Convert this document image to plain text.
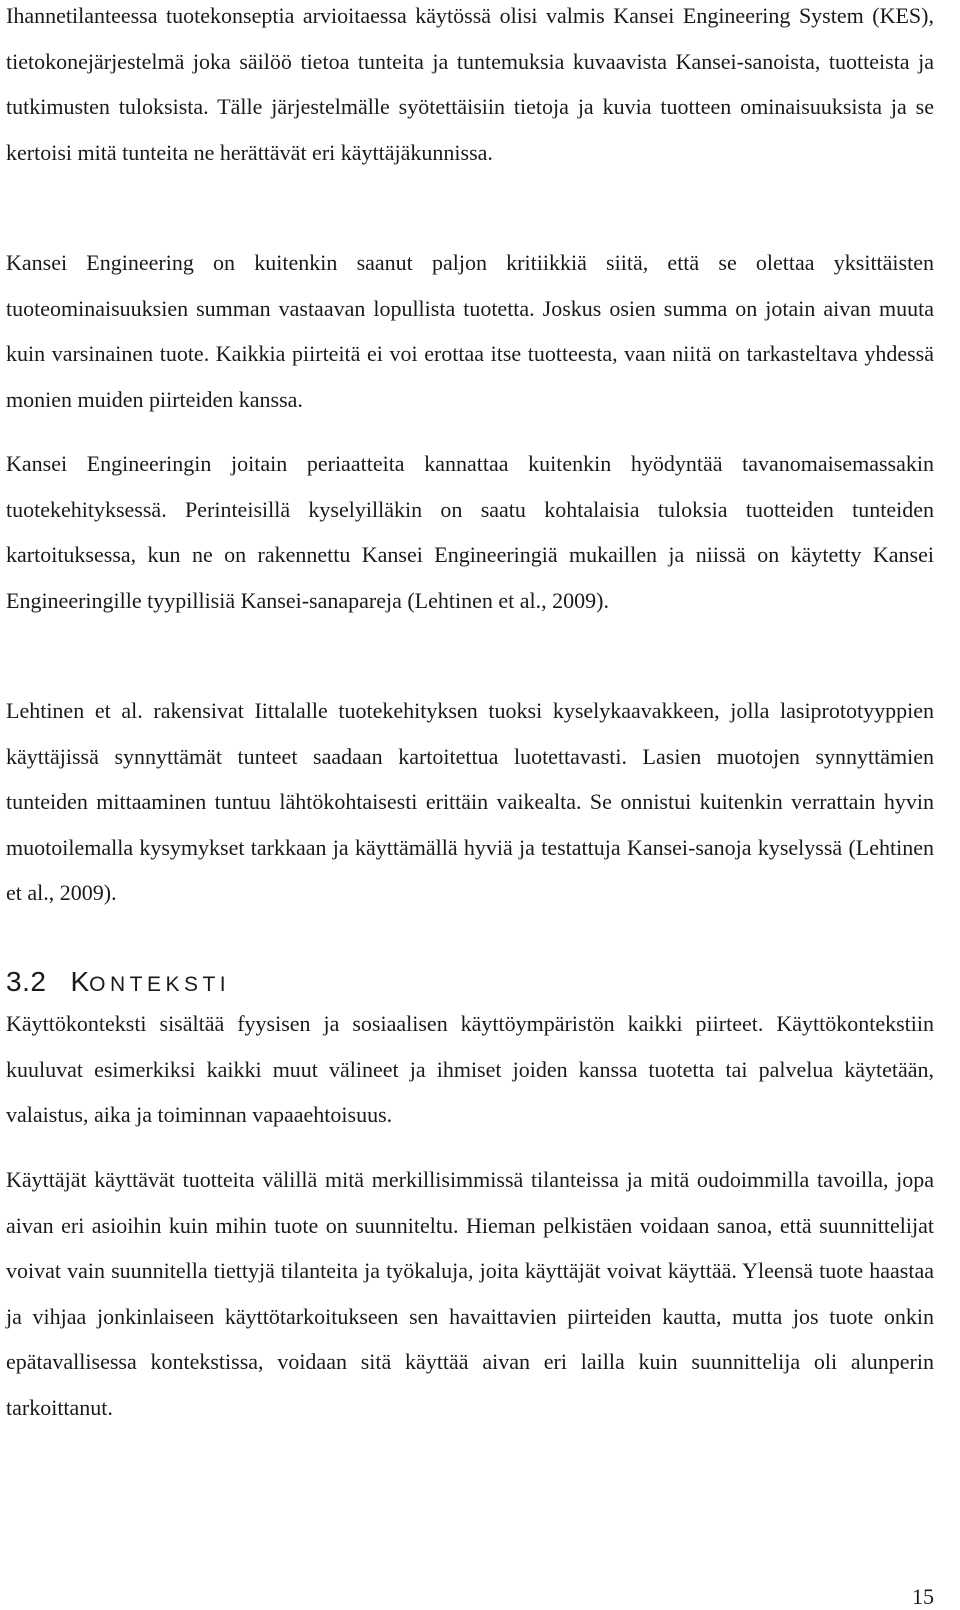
Ihannetilanteessa tuotekonseptia arvioitaessa käytössä olisi valmis Kansei Engineering System (KES), tietokonejärjestelmä joka säilöö tietoa tunteita ja tuntemuksia kuvaavista Kansei-sanoista, tuotteista ja tutkimusten tuloksista. Tälle järjestelmälle syötettäisiin tietoja ja kuvia tuotteen ominaisuuksista ja se kertoisi mitä tunteita ne herättävät eri käyttäjäkunnissa.

Kansei Engineering on kuitenkin saanut paljon kritiikkiä siitä, että se olettaa yksittäisten tuoteominaisuuksien summan vastaavan lopullista tuotetta. Joskus osien summa on jotain aivan muuta kuin varsinainen tuote. Kaikkia piirteitä ei voi erottaa itse tuotteesta, vaan niitä on tarkasteltava yhdessä monien muiden piirteiden kanssa.

Kansei Engineeringin joitain periaatteita kannattaa kuitenkin hyödyntää tavanomaisemassakin tuotekehityksessä. Perinteisillä kyselyilläkin on saatu kohtalaisia tuloksia tuotteiden tunteiden kartoituksessa, kun ne on rakennettu Kansei Engineeringiä mukaillen ja niissä on käytetty Kansei Engineeringille tyypillisiä Kansei-sanapareja (Lehtinen et al., 2009).

Lehtinen et al. rakensivat Iittalalle tuotekehityksen tuoksi kyselykaavakkeen, jolla lasiprototyyppien käyttäjissä synnyttämät tunteet saadaan kartoitettua luotettavasti. Lasien muotojen synnyttämien tunteiden mittaaminen tuntuu lähtökohtaisesti erittäin vaikealta. Se onnistui kuitenkin verrattain hyvin muotoilemalla kysymykset tarkkaan ja käyttämällä hyviä ja testattuja Kansei-sanoja kyselyssä (Lehtinen et al., 2009).

3.2 KONTEKSTI

Käyttökonteksti sisältää fyysisen ja sosiaalisen käyttöympäristön kaikki piirteet. Käyttökontekstiin kuuluvat esimerkiksi kaikki muut välineet ja ihmiset joiden kanssa tuotetta tai palvelua käytetään, valaistus, aika ja toiminnan vapaaehtoisuus.

Käyttäjät käyttävät tuotteita välillä mitä merkillisimmissä tilanteissa ja mitä oudoimmilla tavoilla, jopa aivan eri asioihin kuin mihin tuote on suunniteltu. Hieman pelkistäen voidaan sanoa, että suunnittelijat voivat vain suunnitella tiettyjä tilanteita ja työkaluja, joita käyttäjät voivat käyttää. Yleensä tuote haastaa ja vihjaa jonkinlaiseen käyttötarkoitukseen sen havaittavien piirteiden kautta, mutta jos tuote onkin epätavallisessa kontekstissa, voidaan sitä käyttää aivan eri lailla kuin suunnittelija oli alunperin tarkoittanut.

15
